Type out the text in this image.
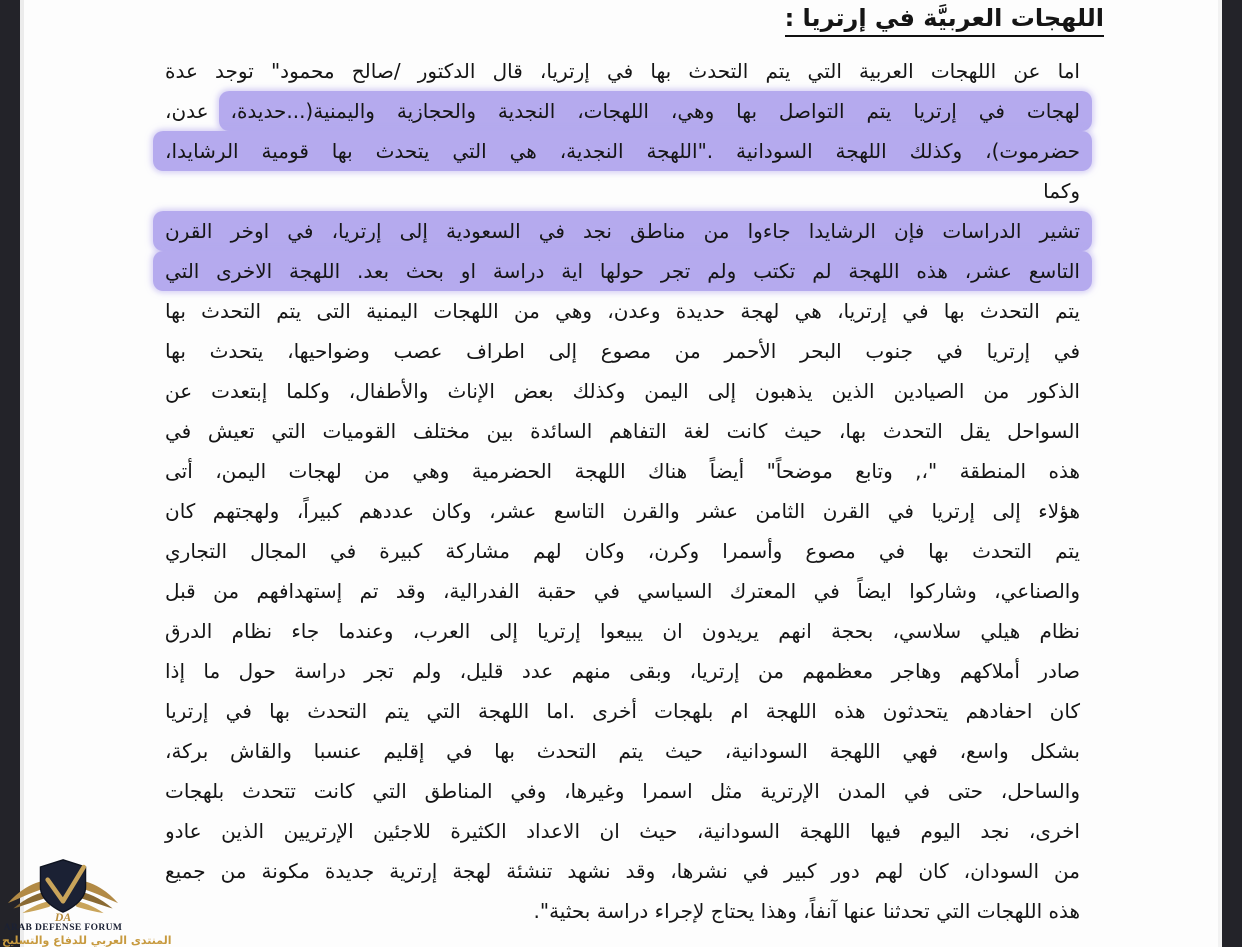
اللهجات العربيَّة في إرتريا :
اما عن اللهجات العربية التي يتم التحدث بها في إرتريا، قال الدكتور /صالح محمود" توجد عدة
لهجات في إرتريا يتم التواصل بها وهي، اللهجات، النجدية والحجازية واليمنية(...حديدة، عدن،
حضرموت)، وكذلك اللهجة السودانية ."اللهجة النجدية، هي التي يتحدث بها قومية الرشايدا،
وكما
تشير الدراسات فإن الرشايدا جاءوا من مناطق نجد في السعودية إلى إرتريا، في اوخر القرن
التاسع عشر، هذه اللهجة لم تكتب ولم تجر حولها اية دراسة او بحث بعد. اللهجة الاخرى التي
يتم التحدث بها في إرتريا، هي لهجة حديدة وعدن، وهي من اللهجات اليمنية التى يتم التحدث بها
في إرتريا في جنوب البحر الأحمر من مصوع إلى اطراف عصب وضواحيها، يتحدث بها
الذكور من الصيادين الذين يذهبون إلى اليمن وكذلك بعض الإناث والأطفال، وكلما إبتعدت عن
السواحل يقل التحدث بها، حيث كانت لغة التفاهم السائدة بين مختلف القوميات التي تعيش في
هذه المنطقة "،, وتابع موضحاً" أيضاً هناك اللهجة الحضرمية وهي من لهجات اليمن، أتى
هؤلاء إلى إرتريا في القرن الثامن عشر والقرن التاسع عشر، وكان عددهم كبيراً، ولهجتهم كان
يتم التحدث بها في مصوع وأسمرا وكرن، وكان لهم مشاركة كبيرة في المجال التجاري
والصناعي، وشاركوا ايضاً في المعترك السياسي في حقبة الفدرالية، وقد تم إستهدافهم من قبل
نظام هيلي سلاسي، بحجة انهم يريدون ان يبيعوا إرتريا إلى العرب، وعندما جاء نظام الدرق
صادر أملاكهم وهاجر معظمهم من إرتريا، وبقى منهم عدد قليل، ولم تجر دراسة حول ما إذا
كان احفادهم يتحدثون هذه اللهجة ام بلهجات أخرى .اما اللهجة التي يتم التحدث بها في إرتريا
بشكل واسع، فهي اللهجة السودانية، حيث يتم التحدث بها في إقليم عنسبا والقاش بركة،
والساحل، حتى في المدن الإرترية مثل اسمرا وغيرها، وفي المناطق التي كانت تتحدث بلهجات
اخرى، نجد اليوم فيها اللهجة السودانية، حيث ان الاعداد الكثيرة للاجئين الإرتريين الذين عادو
من السودان، كان لهم دور كبير في نشرها، وقد نشهد تنشئة لهجة إرترية جديدة مكونة من جميع
هذه اللهجات التي تحدثنا عنها آنفاً، وهذا يحتاج لإجراء دراسة بحثية".
DA
ARAB DEFENSE FORUM
المنتدى العربي للدفاع والتسليح
